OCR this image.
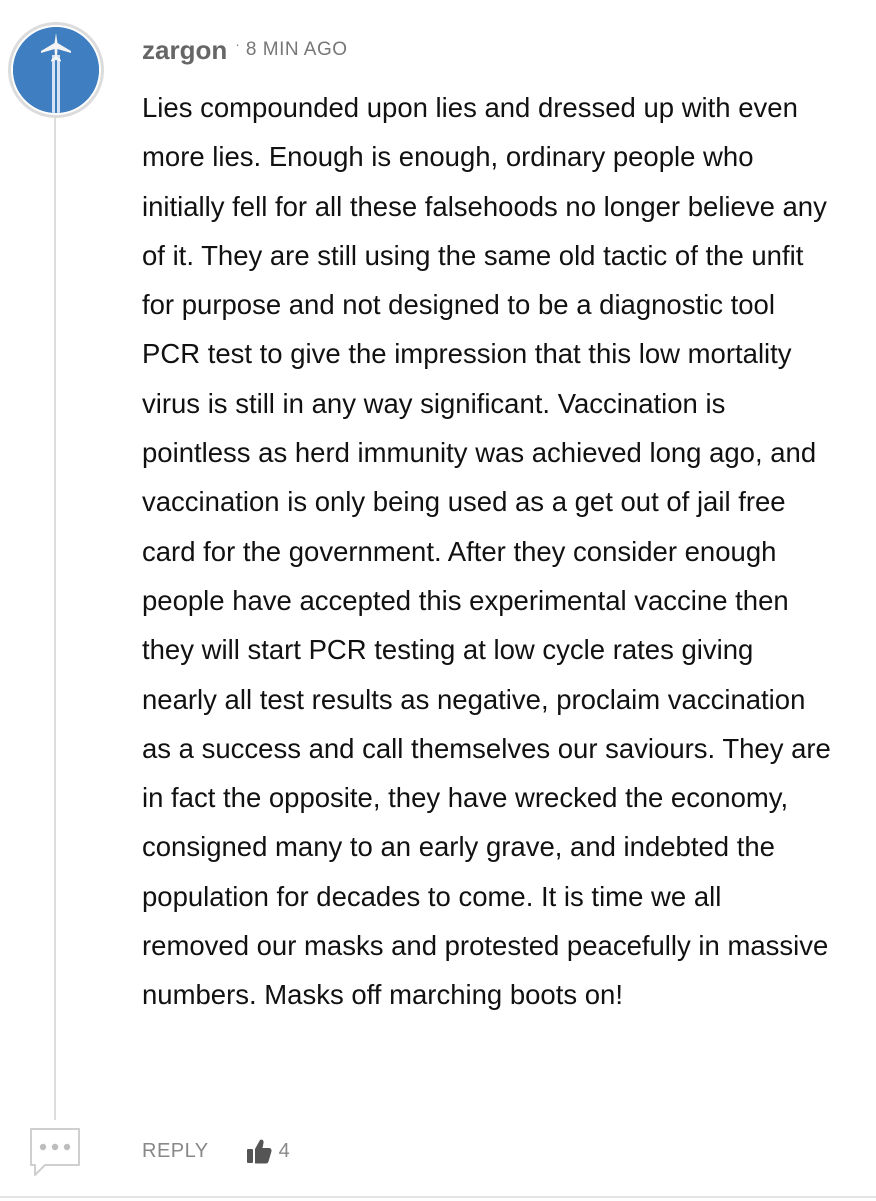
zargon · 8 MIN AGO
Lies compounded upon lies and dressed up with even more lies. Enough is enough, ordinary people who initially fell for all these falsehoods no longer believe any of it. They are still using the same old tactic of the unfit for purpose and not designed to be a diagnostic tool PCR test to give the impression that this low mortality virus is still in any way significant. Vaccination is pointless as herd immunity was achieved long ago, and vaccination is only being used as a get out of jail free card for the government. After they consider enough people have accepted this experimental vaccine then they will start PCR testing at low cycle rates giving nearly all test results as negative, proclaim vaccination as a success and call themselves our saviours. They are in fact the opposite, they have wrecked the economy, consigned many to an early grave, and indebted the population for decades to come. It is time we all removed our masks and protested peacefully in massive numbers. Masks off marching boots on!
REPLY	4
